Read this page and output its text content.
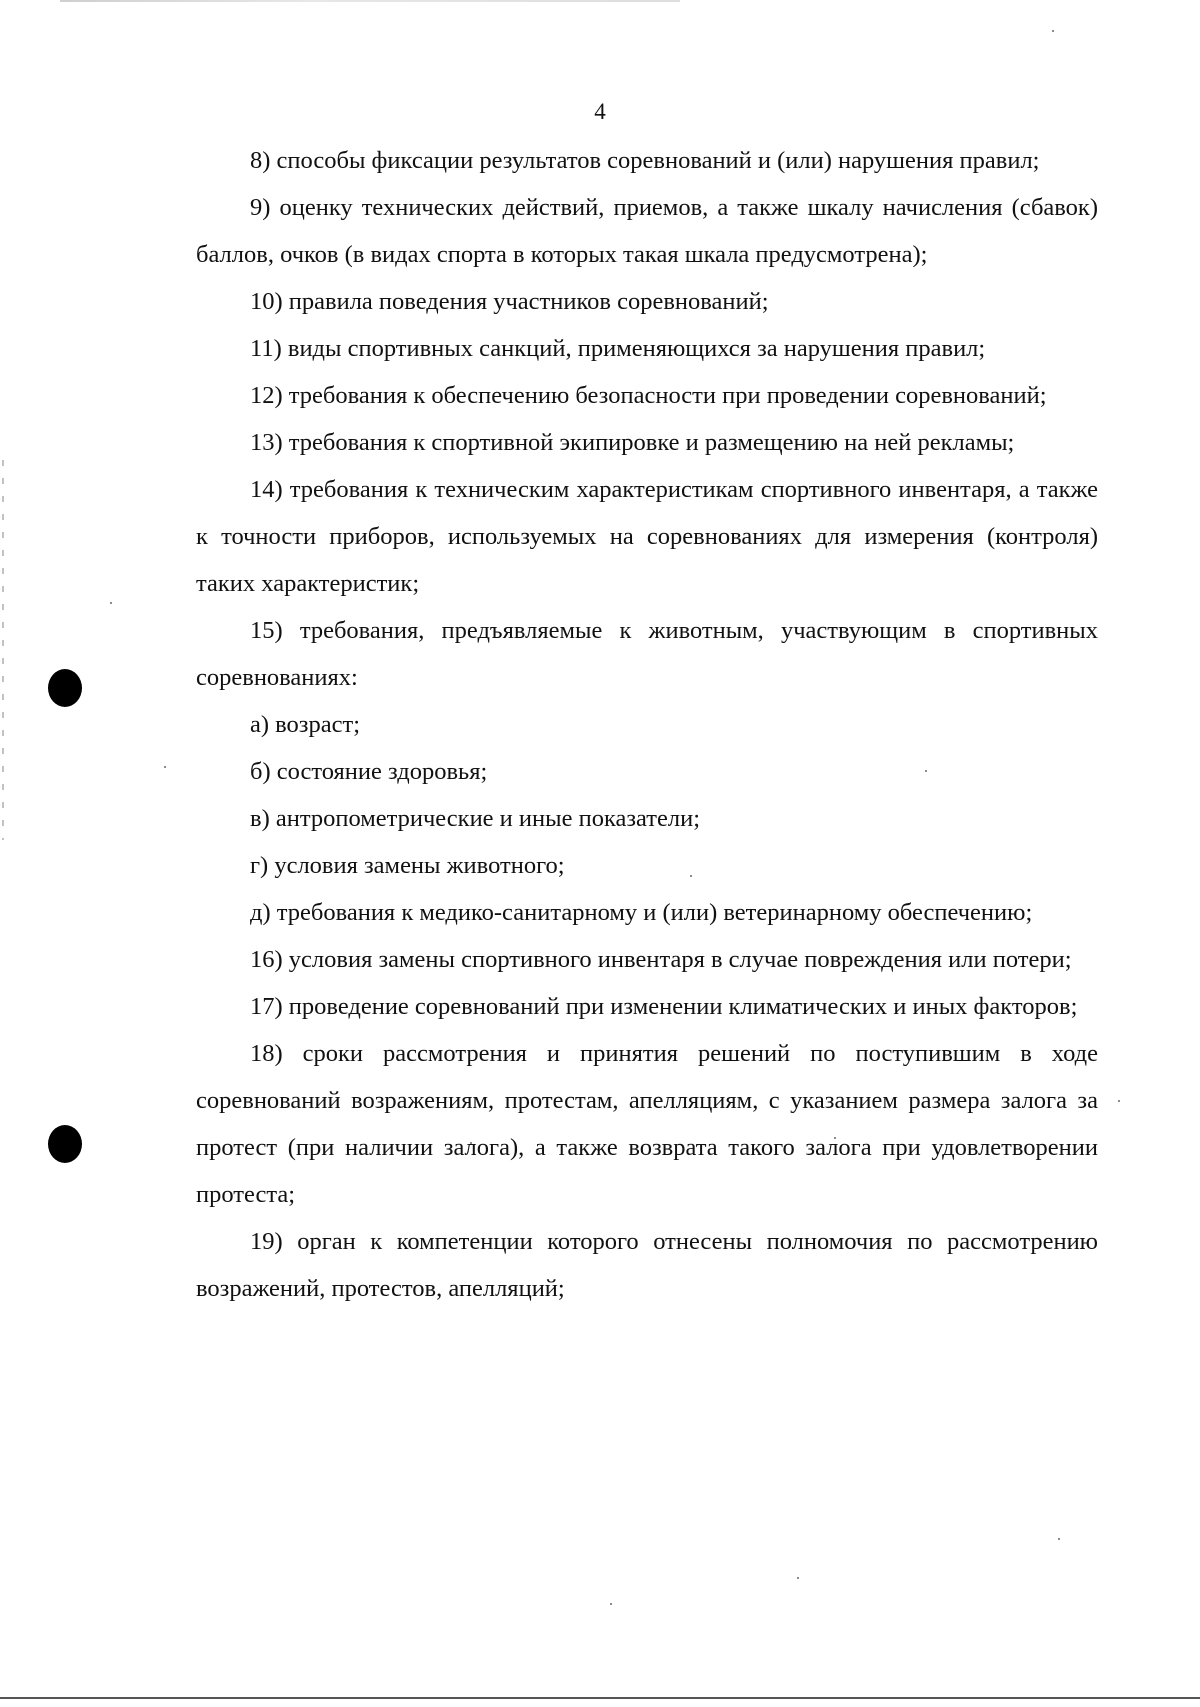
4

8) способы фиксации результатов соревнований и (или) нарушения правил;

9) оценку технических действий, приемов, а также шкалу начисления (сбавок) баллов, очков (в видах спорта в которых такая шкала предусмотрена);

10) правила поведения участников соревнований;

11) виды спортивных санкций, применяющихся за нарушения правил;

12) требования к обеспечению безопасности при проведении соревнований;

13) требования к спортивной экипировке и размещению на ней рекламы;

14) требования к техническим характеристикам спортивного инвентаря, а также к точности приборов, используемых на соревнованиях для измерения (контроля) таких характеристик;

15) требования, предъявляемые к животным, участвующим в спортивных соревнованиях:

а) возраст;

б) состояние здоровья;

в) антропометрические и иные показатели;

г) условия замены животного;

д) требования к медико-санитарному и (или) ветеринарному обеспечению;

16) условия замены спортивного инвентаря в случае повреждения или потери;

17) проведение соревнований при изменении климатических и иных факторов;

18) сроки рассмотрения и принятия решений по поступившим в ходе соревнований возражениям, протестам, апелляциям, с указанием размера залога за протест (при наличии залога), а также возврата такого залога при удовлетворении протеста;

19) орган к компетенции которого отнесены полномочия по рассмотрению возражений, протестов, апелляций;
